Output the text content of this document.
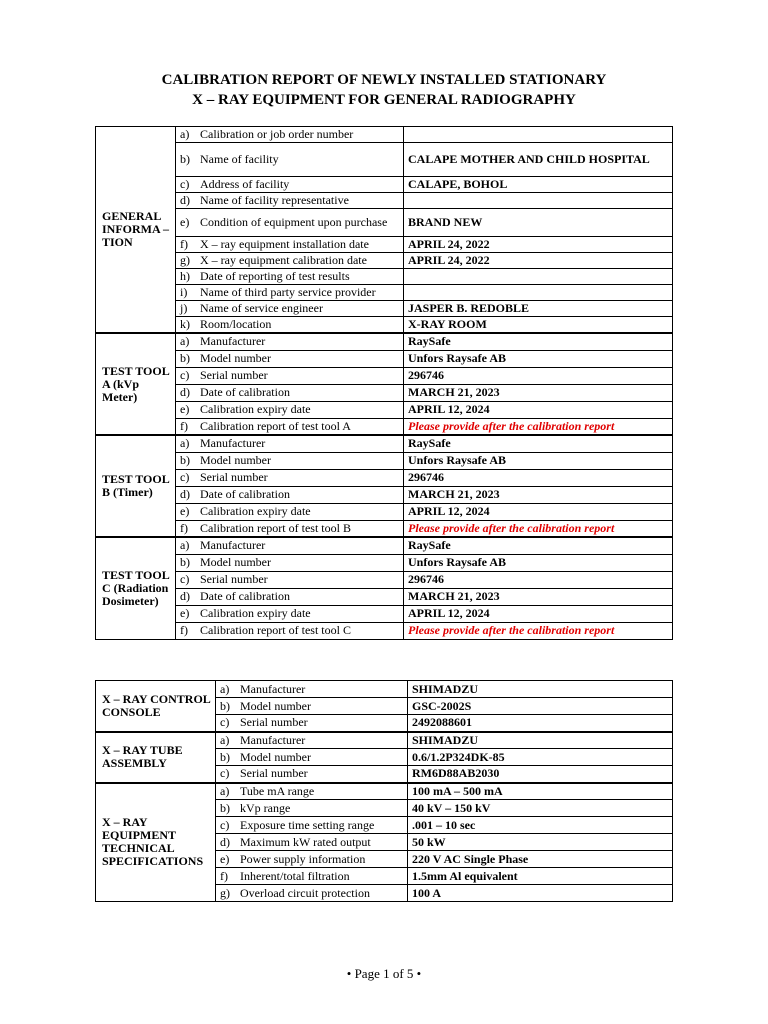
CALIBRATION REPORT OF NEWLY INSTALLED STATIONARY
X – RAY EQUIPMENT FOR GENERAL RADIOGRAPHY
GENERAL INFORMA – TION	a) Calibration or job order number	

	b) Name of facility	CALAPE MOTHER AND CHILD HOSPITAL

	c) Address of facility	CALAPE, BOHOL

	d) Name of facility representative	

	e) Condition of equipment upon purchase	BRAND NEW

	f) X – ray equipment installation date	APRIL 24, 2022

	g) X – ray equipment calibration date	APRIL 24, 2022

	h) Date of reporting of test results	

	i) Name of third party service provider	

	j) Name of service engineer	JASPER B. REDOBLE

	k) Room/location	X-RAY ROOM
TEST TOOL A (kVp Meter)	a) Manufacturer	RaySafe

	b) Model number	Unfors Raysafe AB

	c) Serial number	296746

	d) Date of calibration	MARCH 21, 2023

	e) Calibration expiry date	APRIL 12, 2024

	f) Calibration report of test tool A	Please provide after the calibration report
TEST TOOL B (Timer)	a) Manufacturer	RaySafe

	b) Model number	Unfors Raysafe AB

	c) Serial number	296746

	d) Date of calibration	MARCH 21, 2023

	e) Calibration expiry date	APRIL 12, 2024

	f) Calibration report of test tool B	Please provide after the calibration report
TEST TOOL C (Radiation Dosimeter)	a) Manufacturer	RaySafe

	b) Model number	Unfors Raysafe AB

	c) Serial number	296746

	d) Date of calibration	MARCH 21, 2023

	e) Calibration expiry date	APRIL 12, 2024

	f) Calibration report of test tool C	Please provide after the calibration report
X – RAY CONTROL CONSOLE	a) Manufacturer	SHIMADZU

	b) Model number	GSC-2002S

	c) Serial number	2492088601
X – RAY TUBE ASSEMBLY	a) Manufacturer	SHIMADZU

	b) Model number	0.6/1.2P324DK-85

	c) Serial number	RM6D88AB2030
X – RAY EQUIPMENT TECHNICAL SPECIFICATIONS	a) Tube mA range	100 mA – 500 mA

	b) kVp range	40 kV – 150 kV

	c) Exposure time setting range	.001 – 10 sec

	d) Maximum kW rated output	50 kW

	e) Power supply information	220 V AC Single Phase

	f) Inherent/total filtration	1.5mm Al equivalent

	g) Overload circuit protection	100 A
• Page 1 of 5 •
